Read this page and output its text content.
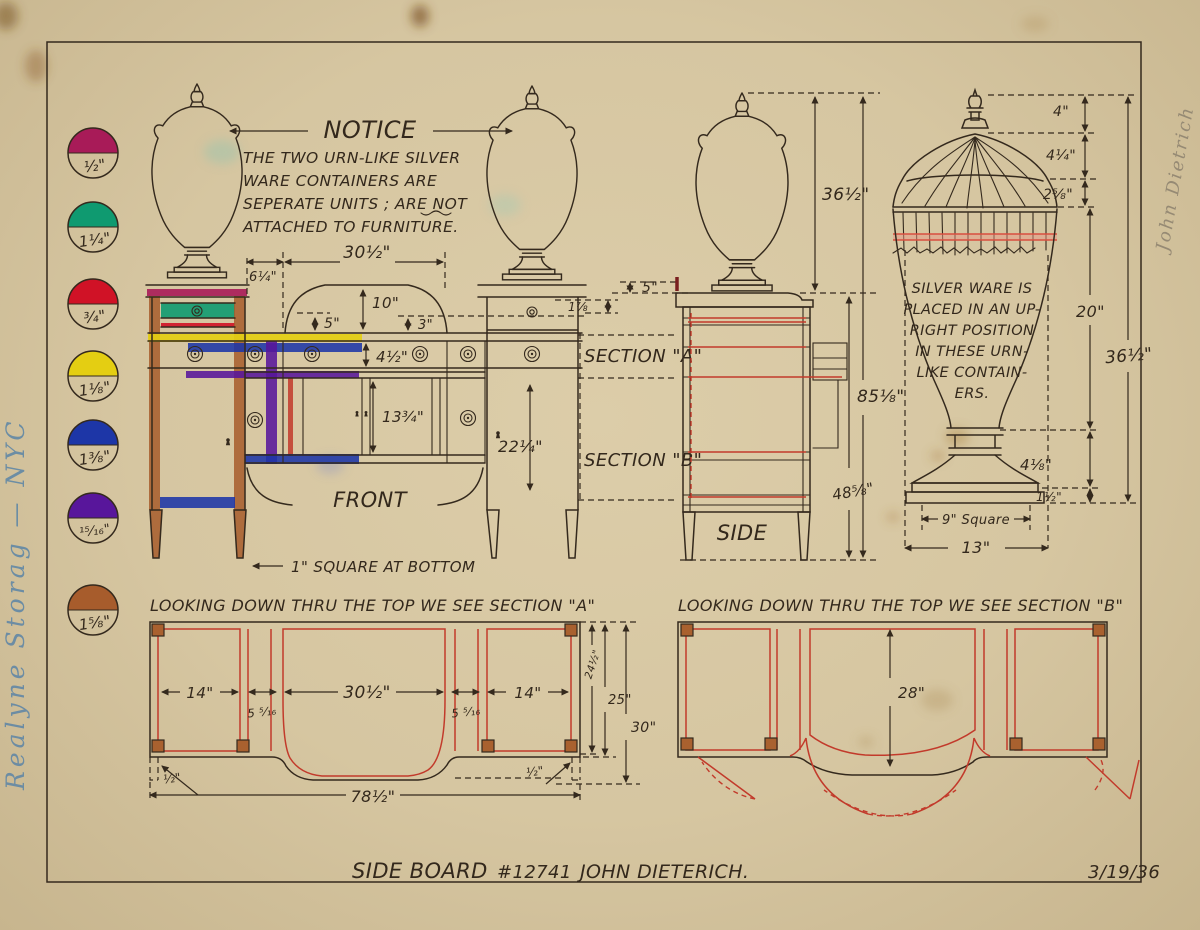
½"
1¼"
¾"
1⅛"
1⅜"
¹⁵⁄₁₆"
1⅝"
NOTICE
THE TWO URN-LIKE SILVER
WARE CONTAINERS ARE
SEPERATE UNITS ; ARE NOT
ATTACHED TO FURNITURE.
6¼"
30½"
10"
5"	3"
4½"
13¾"
1⅞
22¼"
FRONT
1" SQUARE AT BOTTOM
5"
SECTION "A"
SECTION "B"
SIDE
36½"
85⅛"
48⅝"
SILVER WARE IS
PLACED IN AN UP-
RIGHT POSITION
IN THESE URN-
LIKE CONTAIN-
ERS.
4"
4¼"
2⅝"
20"
36½"
4⅛"
1½"
9" Square
13"
LOOKING DOWN THRU THE TOP WE SEE SECTION "A"
14"
5 ⁵⁄₁₆
30½"
5 ⁵⁄₁₆
14"
24½"
25"
30"
½"	½"
78½"
LOOKING DOWN THRU THE TOP WE SEE SECTION "B"
28"
SIDE BOARD #12741 JOHN DIETERICH.	3/19/36
Realyne Storag — NYC
John Dietrich
